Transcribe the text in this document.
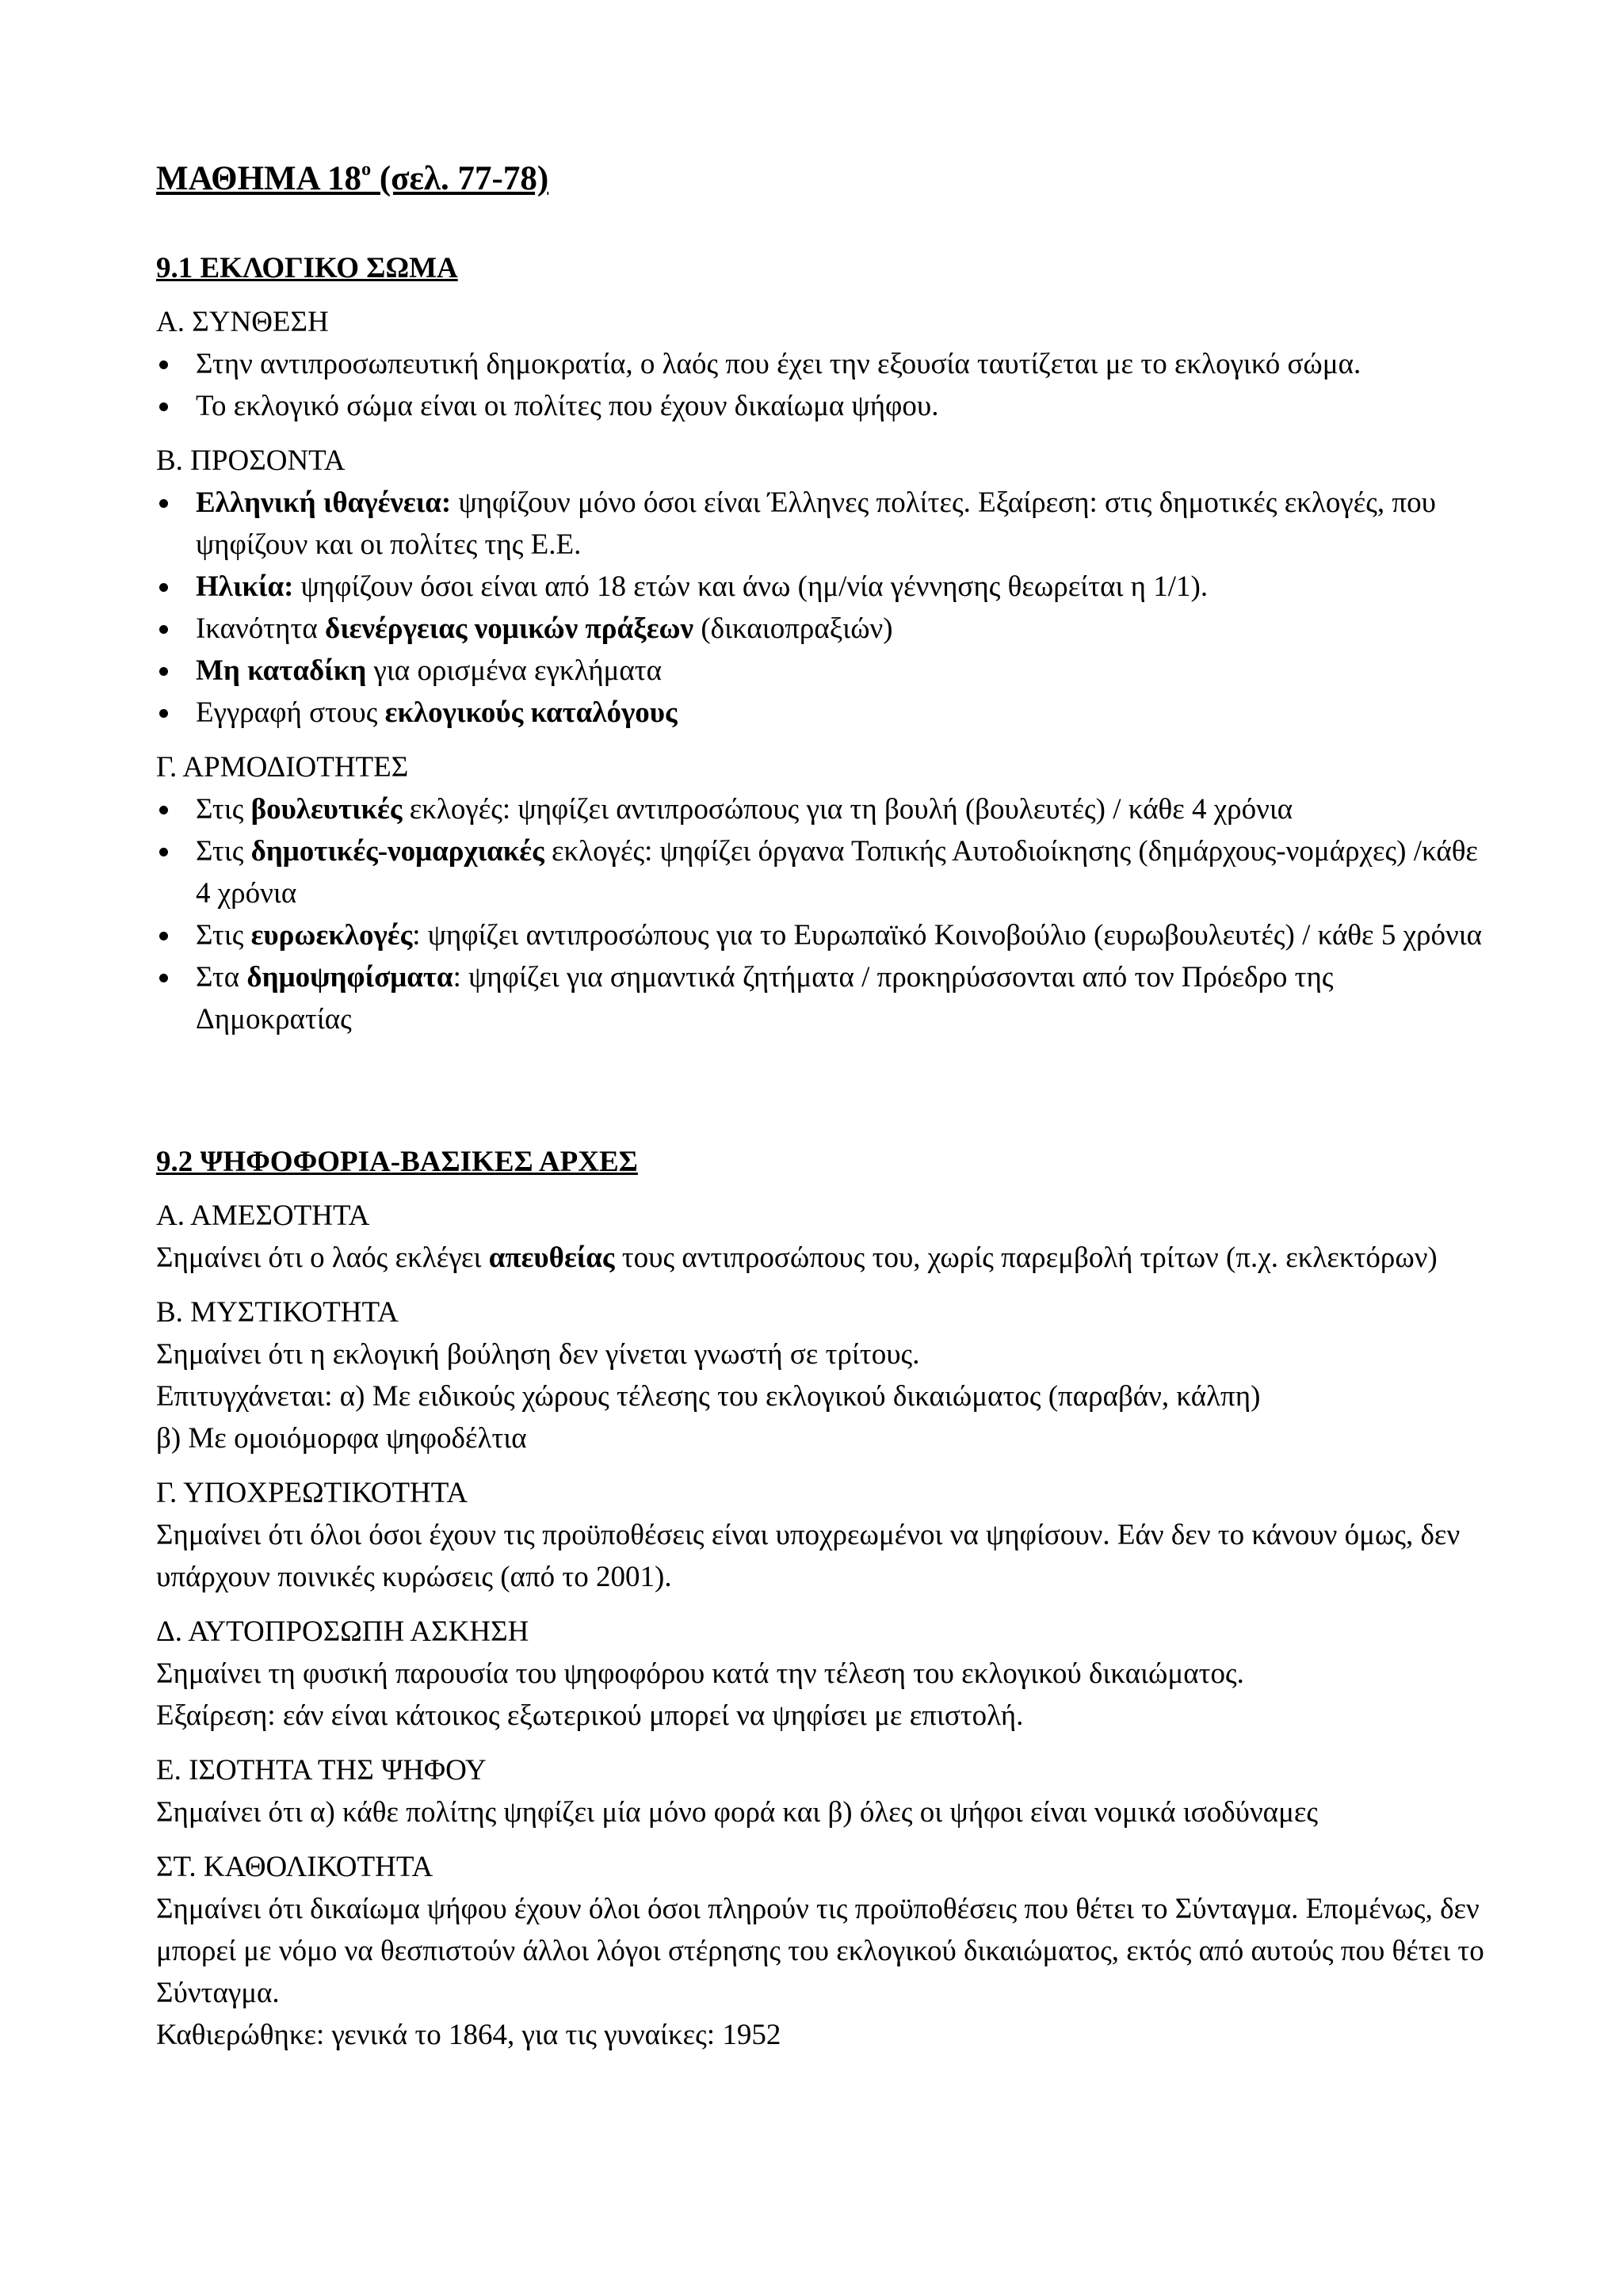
ΜΑΘΗΜΑ $18^o$ (σελ. 77-78)
9.1 ΕΚΛΟΓΙΚΟ ΣΩΜΑ
Α. ΣΥΝΘΕΣΗ
Στην αντιπροσωπευτική δημοκρατία, ο λαός που έχει την εξουσία ταυτίζεται με το εκλογικό σώμα.
Το εκλογικό σώμα είναι οι πολίτες που έχουν δικαίωμα ψήφου.
Β. ΠΡΟΣΟΝΤΑ
Ελληνική ιθαγένεια: ψηφίζουν μόνο όσοι είναι Έλληνες πολίτες. Εξαίρεση: στις δημοτικές εκλογές, που ψηφίζουν και οι πολίτες της Ε.Ε.
Ηλικία: ψηφίζουν όσοι είναι από 18 ετών και άνω (ημ/νία γέννησης θεωρείται η 1/1).
Ικανότητα διενέργειας νομικών πράξεων (δικαιοπραξιών)
Μη καταδίκη για ορισμένα εγκλήματα
Εγγραφή στους εκλογικούς καταλόγους
Γ. ΑΡΜΟΔΙΟΤΗΤΕΣ
Στις βουλευτικές εκλογές: ψηφίζει αντιπροσώπους για τη βουλή (βουλευτές) / κάθε 4 χρόνια
Στις δημοτικές-νομαρχιακές εκλογές: ψηφίζει όργανα Τοπικής Αυτοδιοίκησης (δημάρχους-νομάρχες) /κάθε 4 χρόνια
Στις ευρωεκλογές: ψηφίζει αντιπροσώπους για το Ευρωπαϊκό Κοινοβούλιο (ευρωβουλευτές) / κάθε 5 χρόνια
Στα δημοψηφίσματα: ψηφίζει για σημαντικά ζητήματα / προκηρύσσονται από τον Πρόεδρο της Δημοκρατίας
9.2 ΨΗΦΟΦΟΡΙΑ-ΒΑΣΙΚΕΣ ΑΡΧΕΣ
Α. ΑΜΕΣΟΤΗΤΑ

Σημαίνει ότι ο λαός εκλέγει απευθείας τους αντιπροσώπους του, χωρίς παρεμβολή τρίτων (π.χ. εκλεκτόρων)

Β. ΜΥΣΤΙΚΟΤΗΤΑ

Σημαίνει ότι η εκλογική βούληση δεν γίνεται γνωστή σε τρίτους.

Επιτυγχάνεται: α) Με ειδικούς χώρους τέλεσης του εκλογικού δικαιώματος (παραβάν, κάλπη)

β) Με ομοιόμορφα ψηφοδέλτια

Γ. ΥΠΟΧΡΕΩΤΙΚΟΤΗΤΑ

Σημαίνει ότι όλοι όσοι έχουν τις προϋποθέσεις είναι υποχρεωμένοι να ψηφίσουν. Εάν δεν το κάνουν όμως, δεν υπάρχουν ποινικές κυρώσεις (από το 2001).

Δ. ΑΥΤΟΠΡΟΣΩΠΗ ΑΣΚΗΣΗ

Σημαίνει τη φυσική παρουσία του ψηφοφόρου κατά την τέλεση του εκλογικού δικαιώματος.

Εξαίρεση: εάν είναι κάτοικος εξωτερικού μπορεί να ψηφίσει με επιστολή.

Ε. ΙΣΟΤΗΤΑ ΤΗΣ ΨΗΦΟΥ

Σημαίνει ότι α) κάθε πολίτης ψηφίζει μία μόνο φορά και β) όλες οι ψήφοι είναι νομικά ισοδύναμες

ΣΤ. ΚΑΘΟΛΙΚΟΤΗΤΑ

Σημαίνει ότι δικαίωμα ψήφου έχουν όλοι όσοι πληρούν τις προϋποθέσεις που θέτει το Σύνταγμα. Επομένως, δεν μπορεί με νόμο να θεσπιστούν άλλοι λόγοι στέρησης του εκλογικού δικαιώματος, εκτός από αυτούς που θέτει το Σύνταγμα.

Καθιερώθηκε: γενικά το 1864, για τις γυναίκες: 1952
